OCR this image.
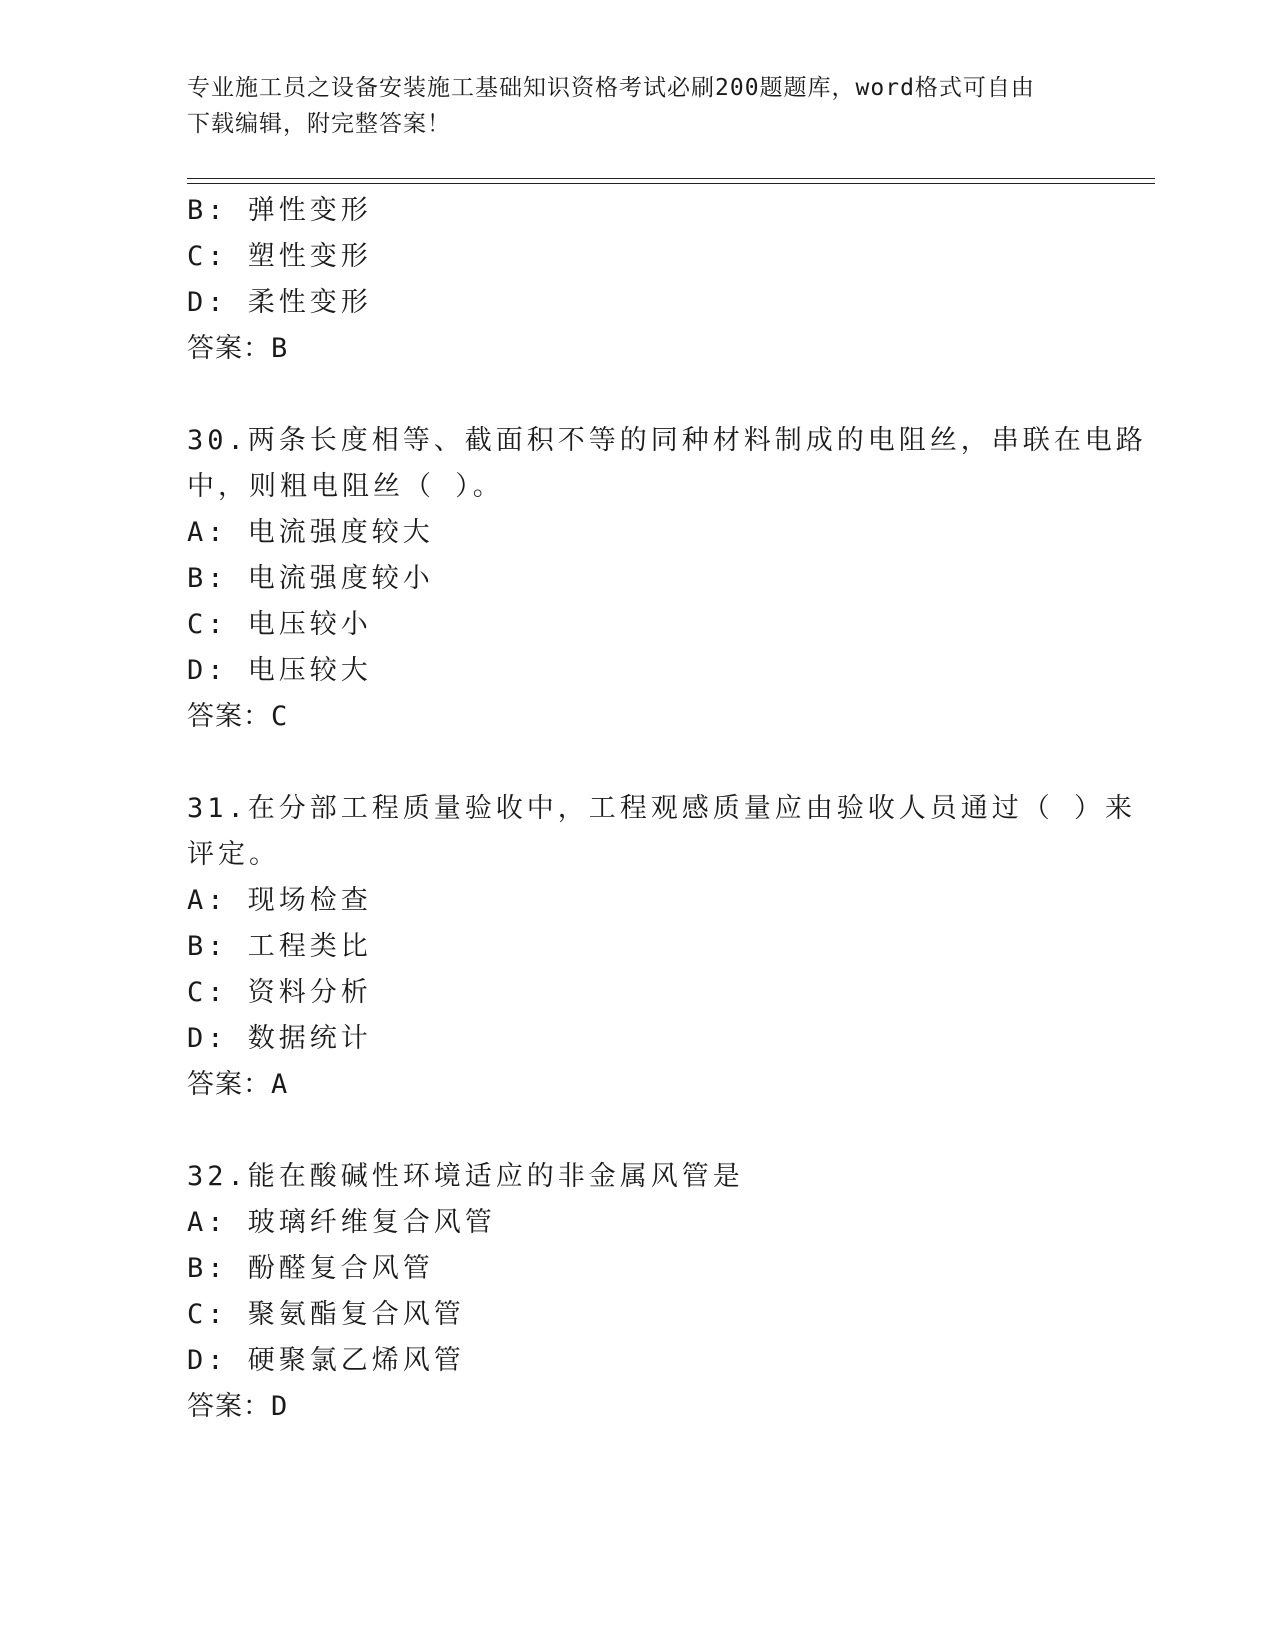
专业施工员之设备安装施工基础知识资格考试必刷200题题库，word格式可自由
下载编辑，附完整答案！

B: 弹性变形

C: 塑性变形

D: 柔性变形

答案：B

30.两条长度相等、截面积不等的同种材料制成的电阻丝，串联在电路

中，则粗电阻丝（ ）。

A: 电流强度较大

B: 电流强度较小

C: 电压较小

D: 电压较大

答案：C

31.在分部工程质量验收中，工程观感质量应由验收人员通过（ ）来

评定。

A: 现场检查

B: 工程类比

C: 资料分析

D: 数据统计

答案：A

32.能在酸碱性环境适应的非金属风管是

A: 玻璃纤维复合风管

B: 酚醛复合风管

C: 聚氨酯复合风管

D: 硬聚氯乙烯风管

答案：D
